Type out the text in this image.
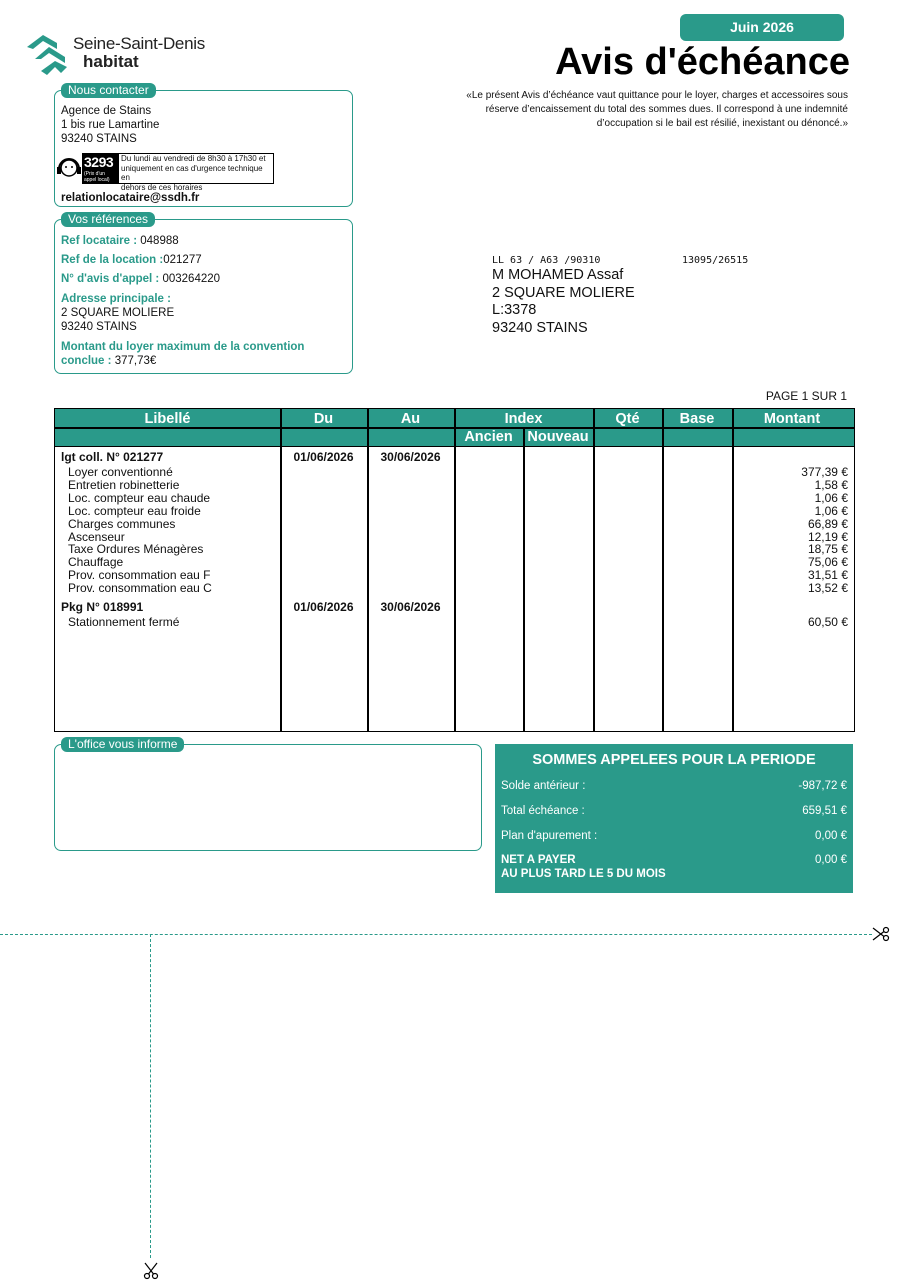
Seine-Saint-Denis
habitat
Juin 2026
Avis d'échéance
«Le présent Avis d’échéance vaut quittance pour le loyer, charges et accessoires sous
réserve d’encaissement du total des sommes dues. Il correspond à une indemnité
d’occupation si le bail est résilié, inexistant ou dénoncé.»
Nous contacter
Agence de Stains
1 bis rue Lamartine
93240 STAINS
3293
(Prix d'un
appel local)
Du lundi au vendredi de 8h30 à 17h30 et
uniquement en cas d'urgence technique en
dehors de ces horaires
relationlocataire@ssdh.fr
Vos références
Ref locataire : 048988
Ref de la location :021277
N° d'avis d'appel : 003264220
Adresse principale :
2 SQUARE MOLIERE
93240 STAINS
Montant du loyer maximum de la convention
conclue : 377,73€
LL 63 / A63 /90310	13095/26515
M MOHAMED Assaf
2 SQUARE MOLIERE
L:3378
93240 STAINS
PAGE 1 SUR 1
Libellé	Du	Au	Index	Qté	Base	Montant
Ancien	Nouveau
lgt coll. N° 021277	01/06/2026	30/06/2026
Loyer conventionné	377,39 €
Entretien robinetterie	1,58 €
Loc. compteur eau chaude	1,06 €
Loc. compteur eau froide	1,06 €
Charges communes	66,89 €
Ascenseur	12,19 €
Taxe Ordures Ménagères	18,75 €
Chauffage	75,06 €
Prov. consommation eau F	31,51 €
Prov. consommation eau C	13,52 €
Pkg N° 018991	01/06/2026	30/06/2026
Stationnement fermé	60,50 €
L'office vous informe
SOMMES APPELEES POUR LA PERIODE
Solde antérieur :	-987,72 €
Total échéance :	659,51 €
Plan d'apurement :	0,00 €
NET A PAYER
AU PLUS TARD LE 5 DU MOIS
0,00 €
